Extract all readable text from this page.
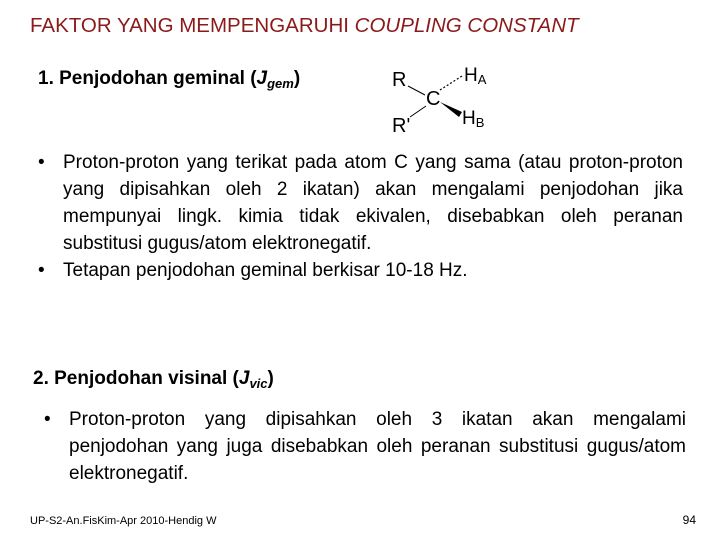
FAKTOR YANG MEMPENGARUHI COUPLING CONSTANT
1. Penjodohan geminal $(J_{gem})$	R
C
R'
HA
HB
• Proton-proton yang terikat pada atom C yang sama (atau proton-proton yang dipisahkan oleh 2 ikatan) akan mengalami penjodohan jika mempunyai lingk. kimia tidak ekivalen, disebabkan oleh peranan substitusi gugus/atom elektronegatif.
• Tetapan penjodohan geminal berkisar 10-18 Hz.
2. Penjodohan visinal $(J_{vic})$
• Proton-proton yang dipisahkan oleh 3 ikatan akan mengalami penjodohan yang juga disebabkan oleh peranan substitusi gugus/atom elektronegatif.
UP-S2-An.FisKim-Apr 2010-Hendig W	94
